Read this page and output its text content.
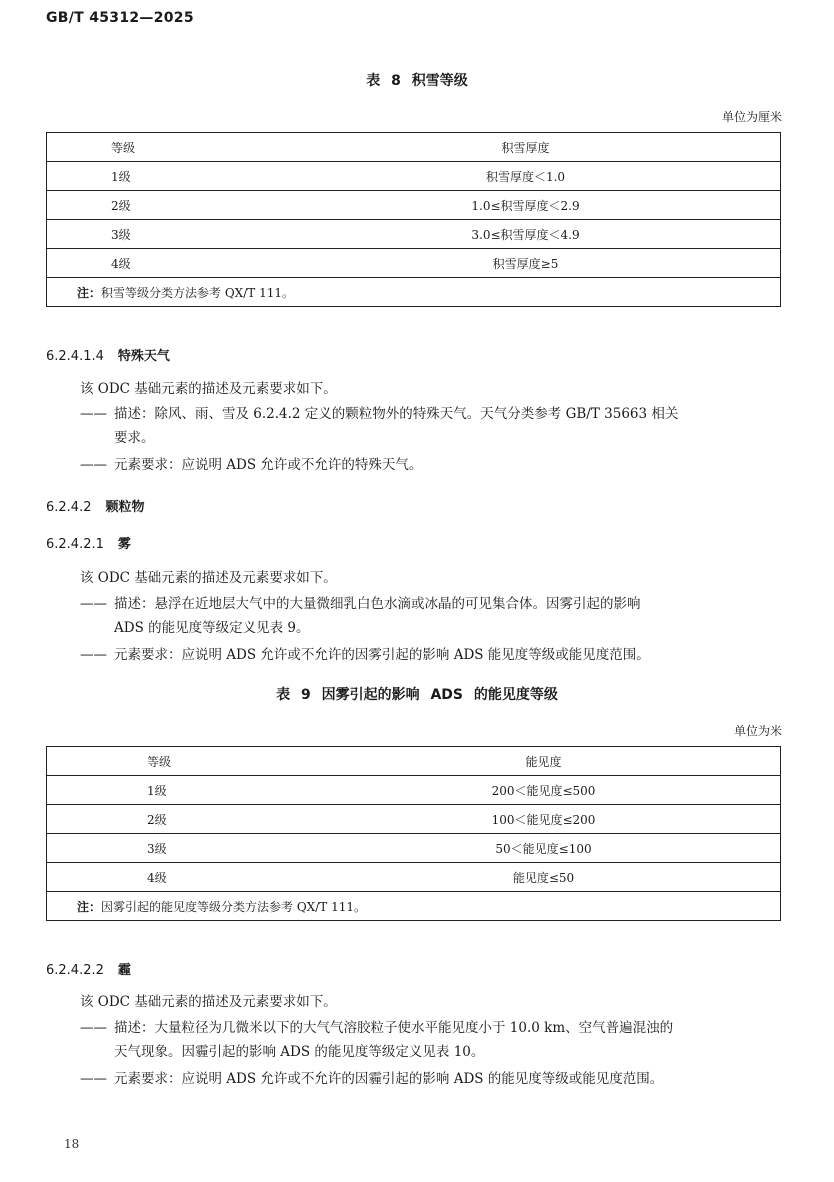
GB/T 45312—2025
表 8 积雪等级
单位为厘米
等级	积雪厚度
1级	积雪厚度＜1.0
2级	1.0≤积雪厚度＜2.9
3级	3.0≤积雪厚度＜4.9
4级	积雪厚度≥5
注：积雪等级分类方法参考 QX/T 111。	
6.2.4.1.4 特殊天气
该 ODC 基础元素的描述及元素要求如下。
—— 描述：除风、雨、雪及 6.2.4.2 定义的颗粒物外的特殊天气。天气分类参考 GB/T 35663 相关
要求。
—— 元素要求：应说明 ADS 允许或不允许的特殊天气。
6.2.4.2 颗粒物
6.2.4.2.1 雾
该 ODC 基础元素的描述及元素要求如下。
—— 描述：悬浮在近地层大气中的大量微细乳白色水滴或冰晶的可见集合体。因雾引起的影响
ADS 的能见度等级定义见表 9。
—— 元素要求：应说明 ADS 允许或不允许的因雾引起的影响 ADS 能见度等级或能见度范围。
表 9 因雾引起的影响 ADS 的能见度等级
单位为米
等级	能见度
1级	200＜能见度≤500
2级	100＜能见度≤200
3级	50＜能见度≤100
4级	能见度≤50
注：因雾引起的能见度等级分类方法参考 QX/T 111。	
6.2.4.2.2 霾
该 ODC 基础元素的描述及元素要求如下。
—— 描述：大量粒径为几微米以下的大气气溶胶粒子使水平能见度小于 10.0 km、空气普遍混浊的
天气现象。因霾引起的影响 ADS 的能见度等级定义见表 10。
—— 元素要求：应说明 ADS 允许或不允许的因霾引起的影响 ADS 的能见度等级或能见度范围。
18
